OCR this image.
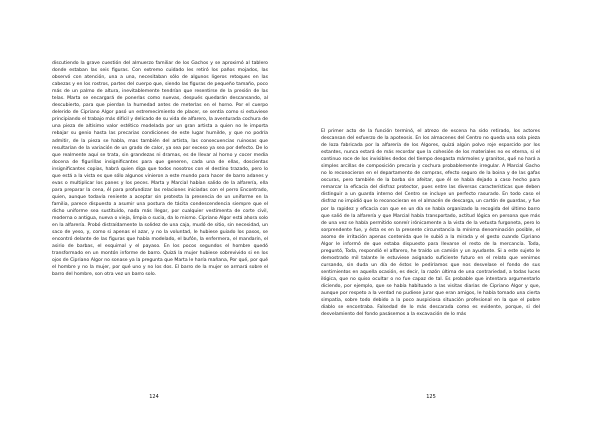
discutiendo la grave cuestión del almuerzo familiar de los Gachos y se aproximó al tablero donde estaban las seis figuras. Con extremo cuidado les retiró los paños mojados, las observó con atención, una a una, necesitaban sólo de algunos ligeros retoques en las cabezas y en los rostros, partes del cuerpo que, siendo las figuras de pequeño tamaño, poco más de un palmo de altura, inevitablemente tendrían que resentirse de la presión de las telas. Marta se encargará de ponerlas como nuevas, después quedarán descansando, al descubierto, para que pierdan la humedad antes de meterlas en el horno. Por el cuerpo delerido de Cipriano Algor pasó un estremecimiento de placer, se sentía como si estuviese principiando el trabajo más difícil y delicado de su vida de alfarero, la aventurada cochura de una pieza de altísimo valor estético modelada por un gran artista a quien no le importa rebajar su genio hasta las precarias condiciones de este lugar humilde, y que no podría admitir, de la pieza se habla, mas también del artista, las consecuencias ruinosas que resultarían de la variación de un grado de calor, ya sea por exceso ya sea por defecto. De lo que realmente aquí se trata, sin grandezas ni dramas, es de llevar al horno y cocer media docena de figurillas insignificantes para que generen, cada una de ellas, doscientas insignificantes copias, habrá quien diga que todos nosotros con el destino trazado, pero lo que está a la vista es que sólo algunos vinieron a este mundo para hacer de barro adanes y evas o multiplicar los panes y los peces. Marta y Marcial habían salido de la alfarería, ella para preparar la cena, él para profundizar las relaciones iniciadas con el perro Encontrado, quien, aunque todavía reniente a aceptar sin protesta la presencia de un uniforme en la familia, parece dispuesto a asumir una postura de tácita condescendencia siempre que el dicho uniforme sea sustituido, nada más llegar, por cualquier vestimenta de corte civil, moderna o antigua, nueva o vieja, limpia o sucia, da lo mismo. Cipriano Algor está ahora solo en la alfarería. Probó distraídamente la solidez de una caja, mudó de sitio, sin necesidad, un saco de yeso, y, como si apenas el azar, y no la voluntad, le hubiese guiado los pasos, se encontró delante de las figuras que había modelado, el bufón, la enfermera, el mandarín, el asirio de barbas, el esquimal y el payaso. En los pocos segundos el hombre quedó transformado en un montón informe de barro. Quizá la mujer hubiese sobrevivido si en los ojos de Cipriano Algor no sonase ya la pregunta que Marta le haría mañana, Por qué, por qué el hombre y no la mujer, por qué uno y no los dos. El barro de la mujer se armará sobre el barro del hombre, son otra vez un barro solo.

124

El primer acto de la función terminó, el atrezo de escena ha sido retirado, los actores descansan del esfuerzo de la apoteosis. En los almacenes del Centro no queda una sola pieza de loza fabricada por la alfarería de los Algores, quizá algún polvo roje esparcido por los estantes, nunca estará de más recordar que la cohesión de los materiales no es eterna, si el continuo roce de los invisibles dedos del tiempo desgasta mármoles y granitos, qué no hará a simples arcillas de composición precaria y cochura probablemente irregular. A Marcial Gacho no lo reconocieron en el departamento de compras, efecto seguro de la boina y de las gafas oscuras, pero también de la barba sin afeitar, que él se había dejado a caso hecho para remarcar la eficacia del disfraz protector, pues entre las diversas características que deben distinguir a un guarda interno del Centro se incluye un perfecto rasurado. En todo caso el disfraz no impidió que lo reconocieran en el almacén de descarga, un cartón de guardas, y fue por la rapidez y eficacia con que en un día se había organizado la recogida del último barro que salió de la alfarería y que Marcial había transportado, actitud lógica en persona que más de una vez se había permitido sonreír irónicamente a la vista de la vetusta furgoneta, pero lo sorprendente fue, y ésta es en la presente circunstancia la mínima denominación posible, el asomo de irritación apenas contenida que le subió a la mirada y el gesto cuando Cipriano Algor le informó de que estaba dispuesto para llevarse el resto de la mercancía. Toda, preguntó, Toda, respondió el alfarero, he traído un camión y un ayudante. Si a este sujeto le demostrado mil talante le estuviese asignado suficiente futuro en el relato que venimos cursando, sin duda un día de éstos le pediríamos que nos desvelase el fondo de sus sentimientos en aquella ocasión, es decir, la razón última de una contrariedad, a todas luces ilógica, que no quiso ocultar o no fue capaz de tal. Es probable que intentara argumentarlo diciendo, por ejemplo, que se había habituado a las visitas diarias de Cipriano Algor y que, aunque por respeto a la verdad no pudiese jurar que eran amigos, le había tomado una cierta simpatía, sobre todo debido a la poco auspiciosa situación profesional en la que el pobre diablo se encontraba. Falsedad de lo más descarada como es evidente, porque, si del desvelamiento del fondo pasásemos a la excavación de lo más

125
